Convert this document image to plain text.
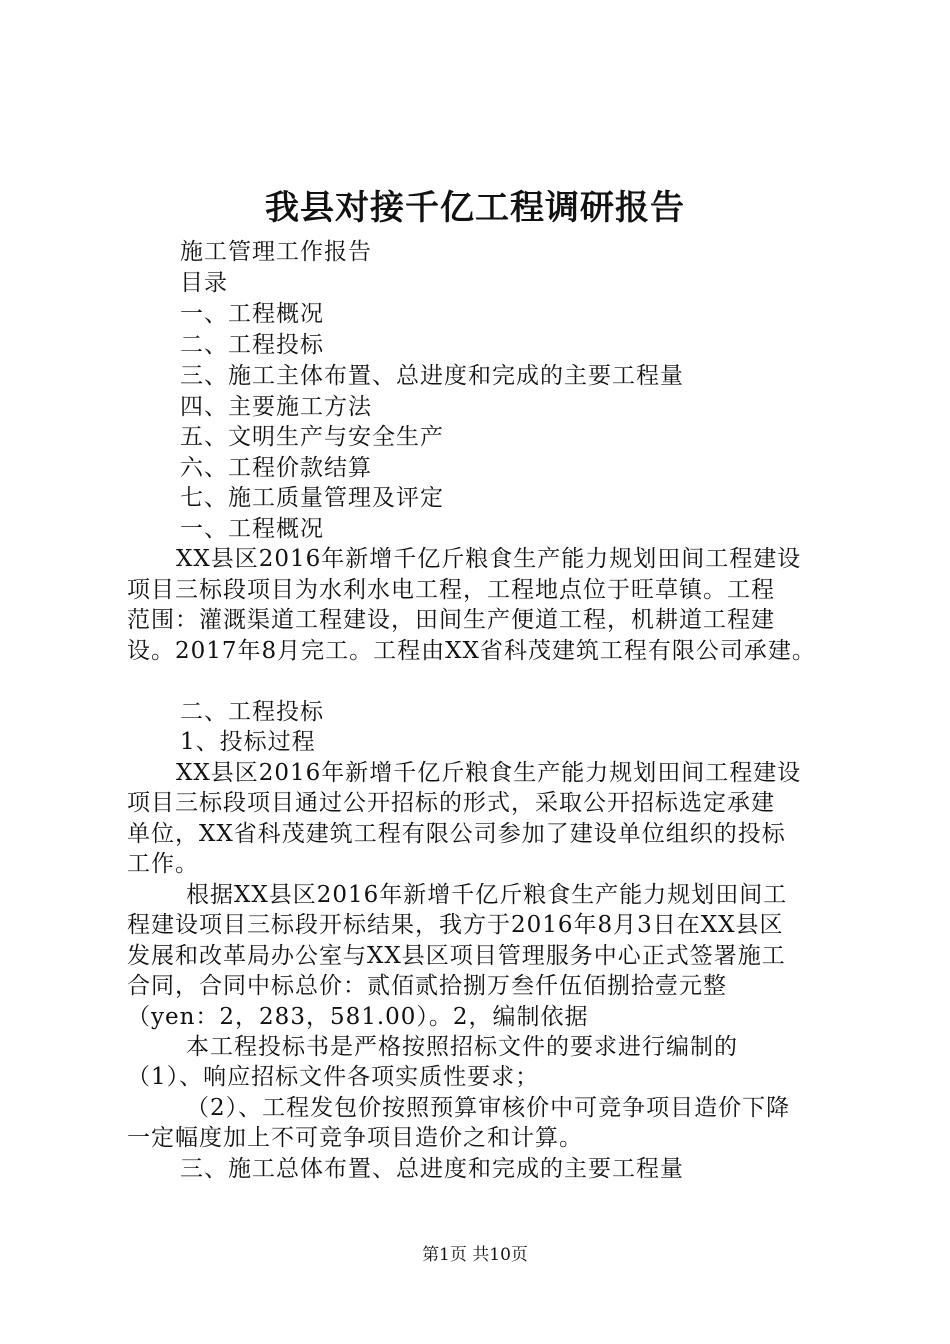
我县对接千亿工程调研报告
施工管理工作报告
目录
一、工程概况
二、工程投标
三、施工主体布置、总进度和完成的主要工程量
四、主要施工方法
五、文明生产与安全生产
六、工程价款结算
七、施工质量管理及评定
一、工程概况
XX县区2016年新增千亿斤粮食生产能力规划田间工程建设
项目三标段项目为水利水电工程，工程地点位于旺草镇。工程
范围：灌溉渠道工程建设，田间生产便道工程，机耕道工程建
设。2017年8月完工。工程由XX省科茂建筑工程有限公司承建。
二、工程投标
1、投标过程
XX县区2016年新增千亿斤粮食生产能力规划田间工程建设
项目三标段项目通过公开招标的形式，采取公开招标选定承建
单位，XX省科茂建筑工程有限公司参加了建设单位组织的投标
工作。
根据XX县区2016年新增千亿斤粮食生产能力规划田间工
程建设项目三标段开标结果，我方于2016年8月3日在XX县区
发展和改革局办公室与XX县区项目管理服务中心正式签署施工
合同，合同中标总价：贰佰贰拾捌万叁仟伍佰捌拾壹元整
（yen：2，283，581.00）。2，编制依据
本工程投标书是严格按照招标文件的要求进行编制的
（1）、响应招标文件各项实质性要求；
（2）、工程发包价按照预算审核价中可竞争项目造价下降
一定幅度加上不可竞争项目造价之和计算。
三、施工总体布置、总进度和完成的主要工程量
第1页 共10页
